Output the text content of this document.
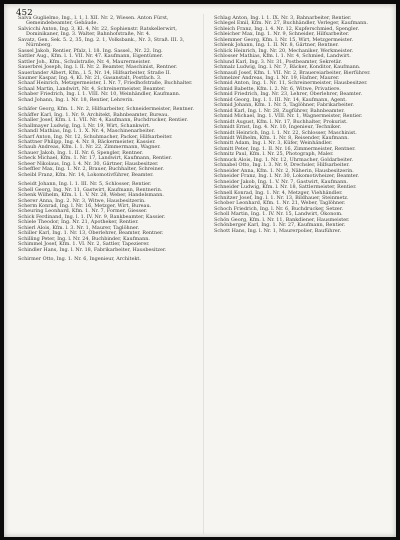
452

Salva Guglielmo, Ing., l. 1, I. XII. Nr. 2, Wiesen. Anton Fürst, Gemeindebeamter, Gebäude.

Salvicchi Anton, Ing. 3, Kl. 4, Nr. 22, Sophienstr. Ratskellerwirt, Dominikaner, Ing. 3. Walter, Bahnhofstraße, Nr. 4.

Savatz, Gen. Sek. 5. 2, 35, Ing. 2. 1, Volksbank., Nr. 3, Straß. III. 3, Nürnberg.

Sassel Jakob, Rentier, Pfalz, l. 18. Ing. Sassel., Nr. 22. Ing.

Sattler Aug., Kfm. l. 1. VII. Nr. 47. Kaufmann, Eigentümer.

Sattler Joh., Kfm., Schulstraße, Nr. 4, Maurermeister.

Sauerbrei Joseph, Ing. l. II. Nr. 2. Beamter, Maschinist, Rentner.

Sauerlander Albert, Kfm., l. 5, Nr. 14, Hilfsarbeiter, Straße II.

Saumer Kaspar, Ing. 4, Kl. Nr. 21, Gasanstalt, Postfach. 3.

Schaaf Heinrich, Metzgermeister, I. Nr. 7, Friedhofstraße, Buchhalter.

Schaal Martin, Landwirt, Nr. 4, Schreinermeister, Beamter.

Schaber Friedrich, Ing. l. 1. VIII. Nr. 10, Weinhändler, Kaufmann.

Schad Johann, Ing. l. Nr. 18, Rentier, Lehrerin.

Schäfer Georg, Kfm. 1. Nr. 2, Hilfsarbeiter, Schneidermeister, Rentner.

Schäffer Karl, Ing. 1. Nr. 9. Architekt, Bahnbeamter, Bureau.

Schaller Josef, Kfm. l. 1. VII. Nr. 4, Kaufmann, Buchdrucker, Rentier.

Schallmayer Ludwig, Ing. l. Nr. 19, Wirt, Schankwirt.

Schandl Mathias, Ing. l. 1. X. Nr. 4, Maschinenarbeiter.

Scharf Anton, Ing. Nr. 12, Schuhmacher, Packer, Hilfsarbeiter.

Schattner Philipp, Ing. 4. Nr. 8, Bäckermeister, Kassier.

Schaub Andreas, Kfm. l. 1. Nr. 22, Zimmermann, Wagner.

Schauer Jakob, Ing. 1. II. Nr. 6, Spengler, Rentner.

Scheck Michael, Kfm. 1. Nr. 17, Landwirt, Kaufmann, Rentier.

Scheer Nikolaus, Ing. l. 4. Nr. 30, Gärtner, Hausbesitzer.

Scheffler Max, Ing. 1. Nr. 2, Brauer, Buchhalter, Schreiner.

Scheibl Franz, Kfm. Nr. 14, Lokomotivführer, Beamter.

Scheidt Johann, Ing. l. 1. III. Nr. 5, Schlosser, Rentier.

Schell Georg, Ing. Nr. 11, Gastwirt, Kaufmann, Rentnerin.

Schenk Wilhelm, Kfm. l. 1. V. Nr. 28, Weber, Handelsmann.

Scherer Anna, Ing. 2. Nr. 3, Witwe, Hausbesitzerin.

Scherm Konrad, Ing. l. Nr. 16, Metzger, Wirt, Bureau.

Scheuring Leonhard, Kfm. 1. Nr. 7, Former, Giesser.

Schick Ferdinand, Ing. l. 1. IV. Nr. 9, Bankbeamter, Kassier.

Schiele Theodor, Ing. Nr. 21, Apotheker, Rentier.

Schierl Alois, Kfm. l. 3. Nr. 1, Maurer, Taglöhner.

Schiller Karl, Ing. 1. Nr. 13, Oberlehrer, Beamter, Rentner.

Schilling Peter, Ing. l. Nr. 24, Buchbinder, Kaufmann.

Schimmel Josef, Kfm. 1. VI. Nr. 2, Sattler, Tapezierer.

Schindler Hans, Ing. l. Nr. 18, Fabrikarbeiter, Hausbesitzer.

Schirmer Otto, Ing. 1. Nr. 6, Ingenieur, Architekt.

Schlag Anton, Ing. l. 1. IX. Nr. 3, Bahnarbeiter, Rentier.

Schlegel Emil, Kfm. Nr. 27, Buchhändler, Verleger, Kaufmann.

Schleich Franz, Ing. l. 4. Nr. 12, Kupferschmied, Spengler.

Schleicher Max, Ing. 1. Nr. 9, Schneider, Hilfsarbeiter.

Schlemmer Georg, Kfm. l. Nr. 15, Wirt, Metzgermeister.

Schlenk Johann, Ing. 1. II. Nr. 8, Gärtner, Rentner.

Schlick Heinrich, Ing. Nr. 20, Mechaniker, Werkmeister.

Schlosser Mathias, Kfm. l. 1. Nr. 4, Schmied, Landwirt.

Schlund Karl, Ing. 3. Nr. 31, Postbeamter, Sekretär.

Schmalz Ludwig, Ing. l. Nr. 7, Bäcker, Konditor, Kaufmann.

Schmauß Josef, Kfm. 1. VII. Nr. 2, Brauereiarbeiter, Bierführer.

Schmelzer Andreas, Ing. l. Nr. 19, Hafner, Maurer.

Schmid Anton, Ing. 1. Nr. 11, Schreinermeister, Hausbesitzer.

Schmid Babette, Kfm. l. 2. Nr. 6, Witwe, Privatiere.

Schmid Friedrich, Ing. Nr. 23, Lehrer, Oberlehrer, Beamter.

Schmid Georg, Ing. l. 1. III. Nr. 14, Kaufmann, Agent.

Schmid Johann, Kfm. 1. Nr. 5, Taglöhner, Fabrikarbeiter.

Schmid Karl, Ing. l. Nr. 28, Zugführer, Bahnbeamter.

Schmid Michael, Ing. 1. VIII. Nr. 1, Wagnermeister, Rentier.

Schmidt August, Kfm. l. Nr. 17, Buchhalter, Prokurist.

Schmidt Ernst, Ing. 4. Nr. 10, Ingenieur, Techniker.

Schmidt Heinrich, Ing. l. 1. Nr. 22, Schlosser, Maschinist.

Schmidt Wilhelm, Kfm. 1. Nr. 8, Reisender, Kaufmann.

Schmitt Adam, Ing. l. Nr. 3, Küfer, Weinhändler.

Schmitt Peter, Ing. 1. II. Nr. 16, Zimmermeister, Rentner.

Schmitz Paul, Kfm. l. Nr. 25, Photograph, Maler.

Schmuck Alois, Ing. 1. Nr. 12, Uhrmacher, Goldarbeiter.

Schnabel Otto, Ing. l. 3. Nr. 9, Drechsler, Hilfsarbeiter.

Schneider Anna, Kfm. 1. Nr. 2, Näherin, Hausbesitzerin.

Schneider Franz, Ing. l. Nr. 30, Lokomotivheizer, Beamter.

Schneider Jakob, Ing. 1. V. Nr. 7, Gastwirt, Kaufmann.

Schneider Ludwig, Kfm. l. Nr. 18, Sattlermeister, Rentier.

Schnell Konrad, Ing. 1. Nr. 4, Metzger, Viehhändler.

Schnitzer Josef, Ing. l. 1. Nr. 13, Bildhauer, Steinmetz.

Schober Leonhard, Kfm. 1. Nr. 21, Weber, Taglöhner.

Schoch Friedrich, Ing. l. Nr. 6, Buchdrucker, Setzer.

Scholl Martin, Ing. 1. IV. Nr. 15, Landwirt, Ökonom.

Schön Georg, Kfm. l. Nr. 11, Bankdiener, Hausmeister.

Schönberger Karl, Ing. 1. Nr. 27, Kaufmann, Rentier.

Schott Hans, Ing. l. Nr. 1, Maurerpolier, Bauführer.
